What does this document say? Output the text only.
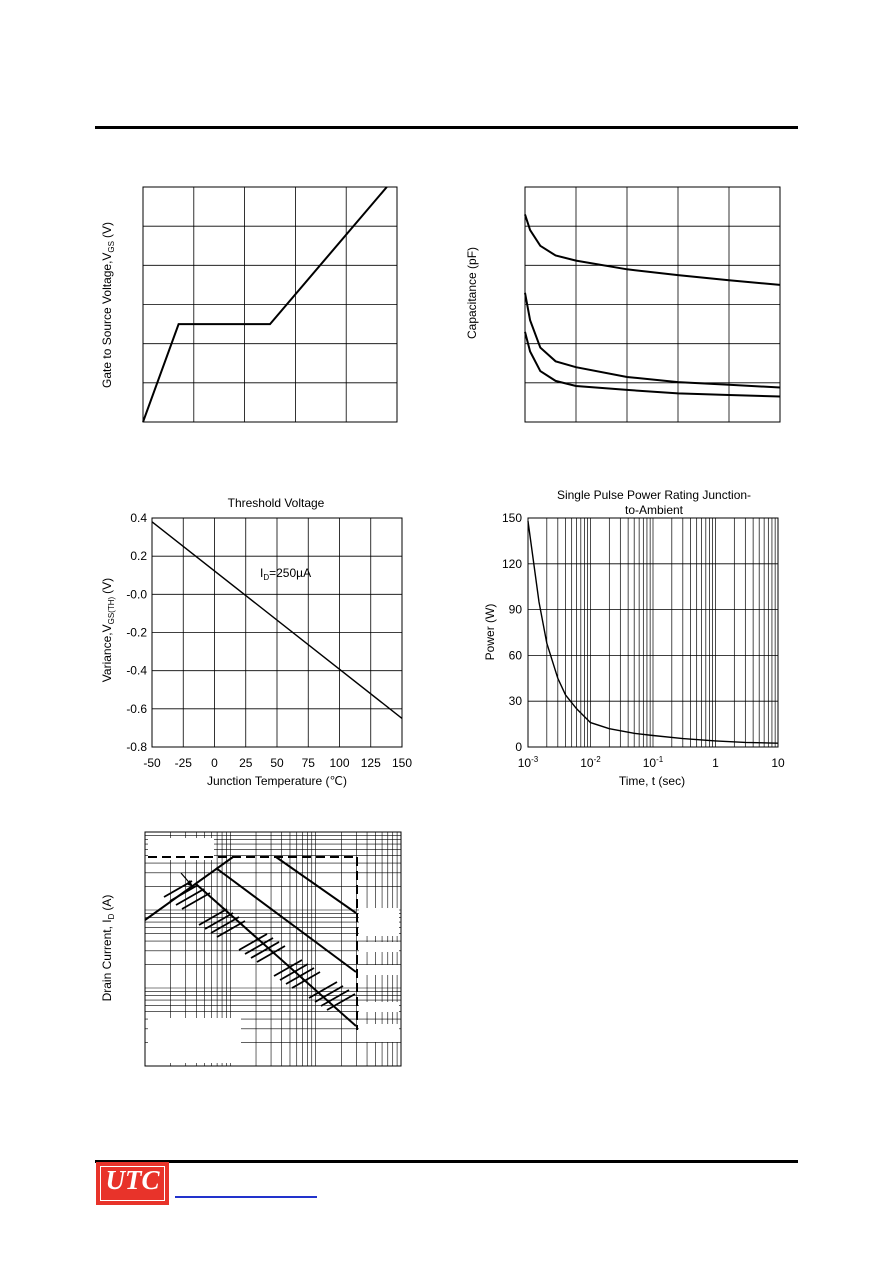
Gate to Source $Voltage,V_{GS}(V)$
Capacitance (pF)
Threshold Voltage
-50 -25 0 25 50 75 100 125 150
0.4
0.2
-0.0
-0.2
-0.4
-0.6
-0.8
$I_D=250\mu A$
Junction Temperature (℃)
$Variance,V_{GS(TH)}(V)$
Single Pulse Power Rating Junction-
to-Ambient
$10^{-3}$	$10^{-2}$	$10^{-1}$	1	10
150
120
90
60
30
0
Time, t (sec)
Power (W)
Drain Current, $I_D(A)$
UTC
